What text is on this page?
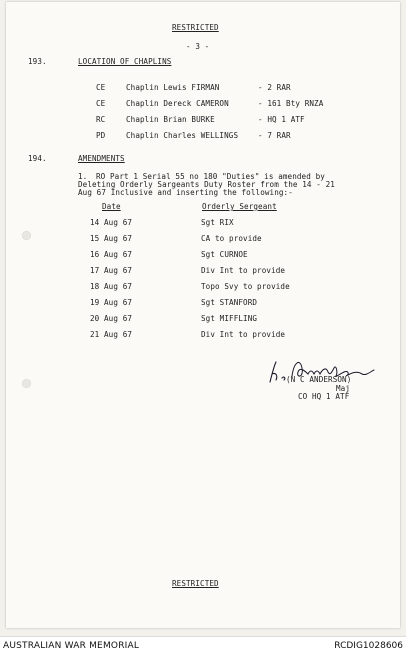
RESTRICTED
- 3 -
193.	LOCATION OF CHAPLINS
CE	Chaplin Lewis FIRMAN	- 2 RAR
CE	Chaplin Dereck CAMERON	- 161 Bty RNZA
RC	Chaplin Brian BURKE	- HQ 1 ATF
PD	Chaplin Charles WELLINGS	- 7 RAR
194.	AMENDMENTS
1. RO Part 1 Serial 55 no 180 "Duties" is amended by
Deleting Orderly Sargeants Duty Roster from the 14 - 21
Aug 67 Inclusive and inserting the following:-
Date	Orderly Sergeant
14 Aug 67	Sgt RIX
15 Aug 67	CA to provide
16 Aug 67	Sgt CURNOE
17 Aug 67	Div Int to provide
18 Aug 67	Topo Svy to provide
19 Aug 67	Sgt STANFORD
20 Aug 67	Sgt MIFFLING
21 Aug 67	Div Int to provide
(N C ANDERSON)
Maj
CO HQ 1 ATF
RESTRICTED
AUSTRALIAN WAR MEMORIAL	RCDIG1028606
